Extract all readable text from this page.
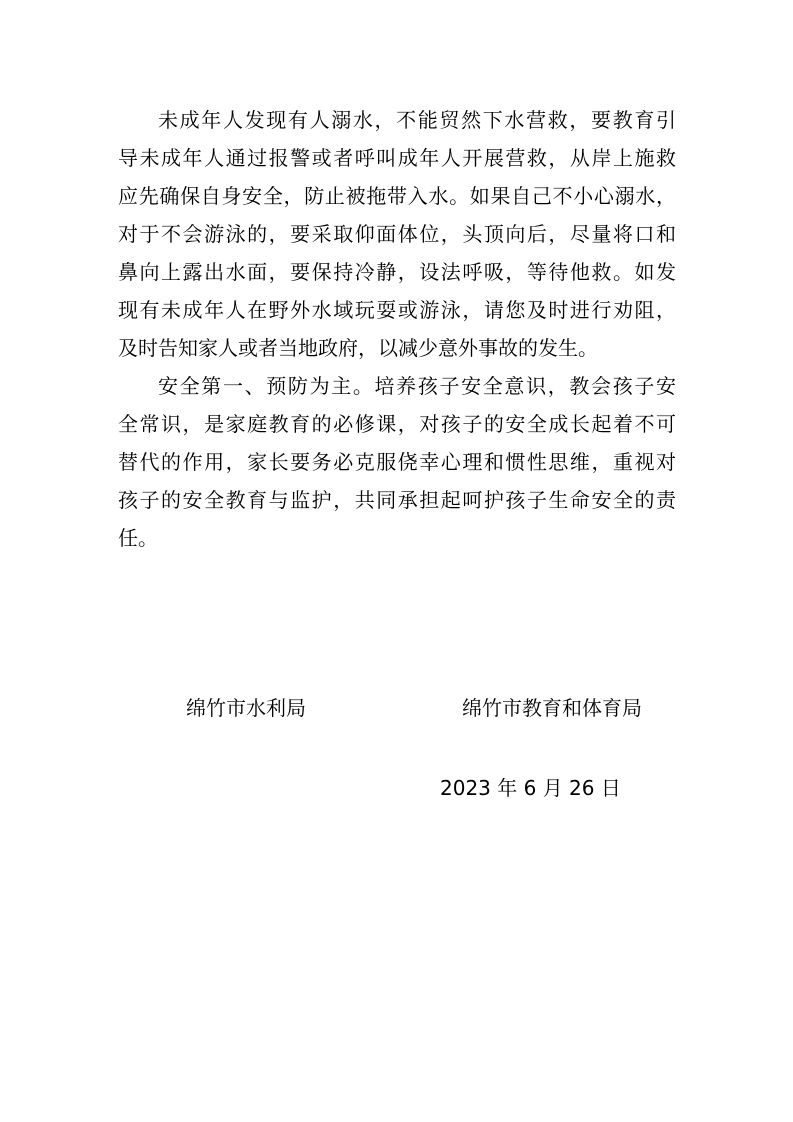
未成年人发现有人溺水，不能贸然下水营救，要教育引
导未成年人通过报警或者呼叫成年人开展营救，从岸上施救
应先确保自身安全，防止被拖带入水。如果自己不小心溺水，
对于不会游泳的，要采取仰面体位，头顶向后，尽量将口和
鼻向上露出水面，要保持冷静，设法呼吸，等待他救。如发
现有未成年人在野外水域玩耍或游泳，请您及时进行劝阻，
及时告知家人或者当地政府，以减少意外事故的发生。
安全第一、预防为主。培养孩子安全意识，教会孩子安
全常识，是家庭教育的必修课，对孩子的安全成长起着不可
替代的作用，家长要务必克服侥幸心理和惯性思维，重视对
孩子的安全教育与监护，共同承担起呵护孩子生命安全的责
任。
绵竹市水利局	绵竹市教育和体育局
2023 年 6 月 26 日
